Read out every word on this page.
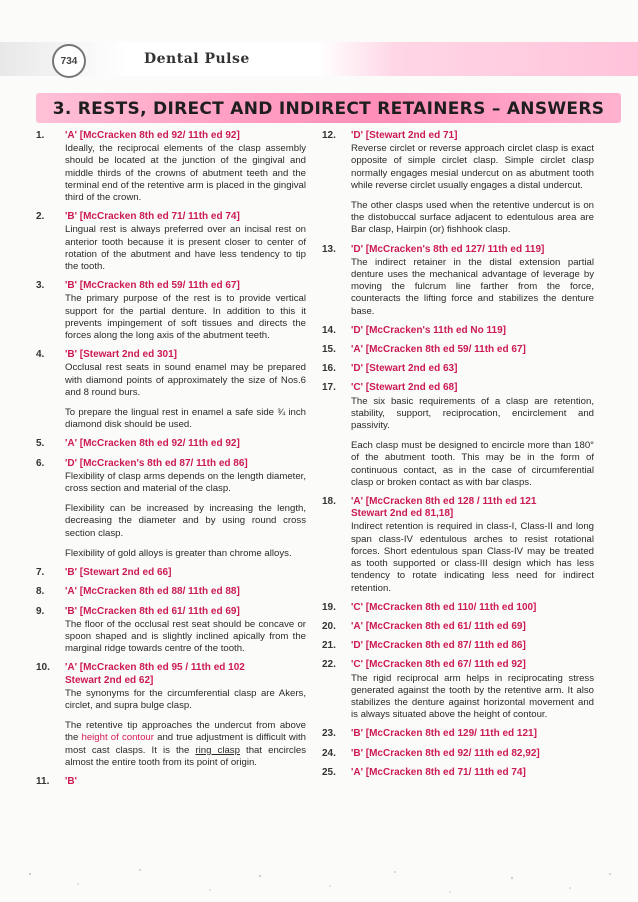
734	Dental Pulse
3. RESTS, DIRECT AND INDIRECT RETAINERS – ANSWERS
1. 'A' [McCracken 8th ed 92/ 11th ed 92]

Ideally, the reciprocal elements of the clasp assembly should be located at the junction of the gingival and middle thirds of the crowns of abutment teeth and the terminal end of the retentive arm is placed in the gingival third of the crown.

2. 'B' [McCracken 8th ed 71/ 11th ed 74]

Lingual rest is always preferred over an incisal rest on anterior tooth because it is present closer to center of rotation of the abutment and have less tendency to tip the tooth.

3. 'B' [McCracken 8th ed 59/ 11th ed 67]

The primary purpose of the rest is to provide vertical support for the partial denture. In addition to this it prevents impingement of soft tissues and directs the forces along the long axis of the abutment teeth.

4. 'B' [Stewart 2nd ed 301]

Occlusal rest seats in sound enamel may be prepared with diamond points of approximately the size of Nos.6 and 8 round burs.

To prepare the lingual rest in enamel a safe side ¾ inch diamond disk should be used.

5. 'A' [McCracken 8th ed 92/ 11th ed 92]
6. 'D' [McCracken's 8th ed 87/ 11th ed 86]

Flexibility of clasp arms depends on the length diameter, cross section and material of the clasp.

Flexibility can be increased by increasing the length, decreasing the diameter and by using round cross section clasp.

Flexibility of gold alloys is greater than chrome alloys.

7. 'B' [Stewart 2nd ed 66]
8. 'A' [McCracken 8th ed 88/ 11th ed 88]
9. 'B' [McCracken 8th ed 61/ 11th ed 69]

The floor of the occlusal rest seat should be concave or spoon shaped and is slightly inclined apically from the marginal ridge towards centre of the tooth.

10. 'A' [McCracken 8th ed 95 / 11th ed 102
Stewart 2nd ed 62]

The synonyms for the circumferential clasp are Akers, circlet, and supra bulge clasp.

The retentive tip approaches the undercut from above the height of contour and true adjustment is difficult with most cast clasps. It is the ring clasp that encircles almost the entire tooth from its point of origin.

11. 'B'
12. 'D' [Stewart 2nd ed 71]

Reverse circlet or reverse approach circlet clasp is exact opposite of simple circlet clasp. Simple circlet clasp normally engages mesial undercut on as abutment tooth while reverse circlet usually engages a distal undercut.

The other clasps used when the retentive undercut is on the distobuccal surface adjacent to edentulous area are Bar clasp, Hairpin (or) fishhook clasp.

13. 'D' [McCracken's 8th ed 127/ 11th ed 119]

The indirect retainer in the distal extension partial denture uses the mechanical advantage of leverage by moving the fulcrum line farther from the force, counteracts the lifting force and stabilizes the denture base.

14. 'D' [McCracken's 11th ed No 119]
15. 'A' [McCracken 8th ed 59/ 11th ed 67]
16. 'D' [Stewart 2nd ed 63]
17. 'C' [Stewart 2nd ed 68]

The six basic requirements of a clasp are retention, stability, support, reciprocation, encirclement and passivity.

Each clasp must be designed to encircle more than 180° of the abutment tooth. This may be in the form of continuous contact, as in the case of circumferential clasp or broken contact as with bar clasps.

18. 'A' [McCracken 8th ed 128 / 11th ed 121
Stewart 2nd ed 81,18]

Indirect retention is required in class-I, Class-II and long span class-IV edentulous arches to resist rotational forces. Short edentulous span Class-IV may be treated as tooth supported or class-III design which has less tendency to rotate indicating less need for indirect retention.

19. 'C' [McCracken 8th ed 110/ 11th ed 100]
20. 'A' [McCracken 8th ed 61/ 11th ed 69]
21. 'D' [McCracken 8th ed 87/ 11th ed 86]
22. 'C' [McCracken 8th ed 67/ 11th ed 92]

The rigid reciprocal arm helps in reciprocating stress generated against the tooth by the retentive arm. It also stabilizes the denture against horizontal movement and is always situated above the height of contour.

23. 'B' [McCracken 8th ed 129/ 11th ed 121]
24. 'B' [McCracken 8th ed 92/ 11th ed 82,92]
25. 'A' [McCracken 8th ed 71/ 11th ed 74]
